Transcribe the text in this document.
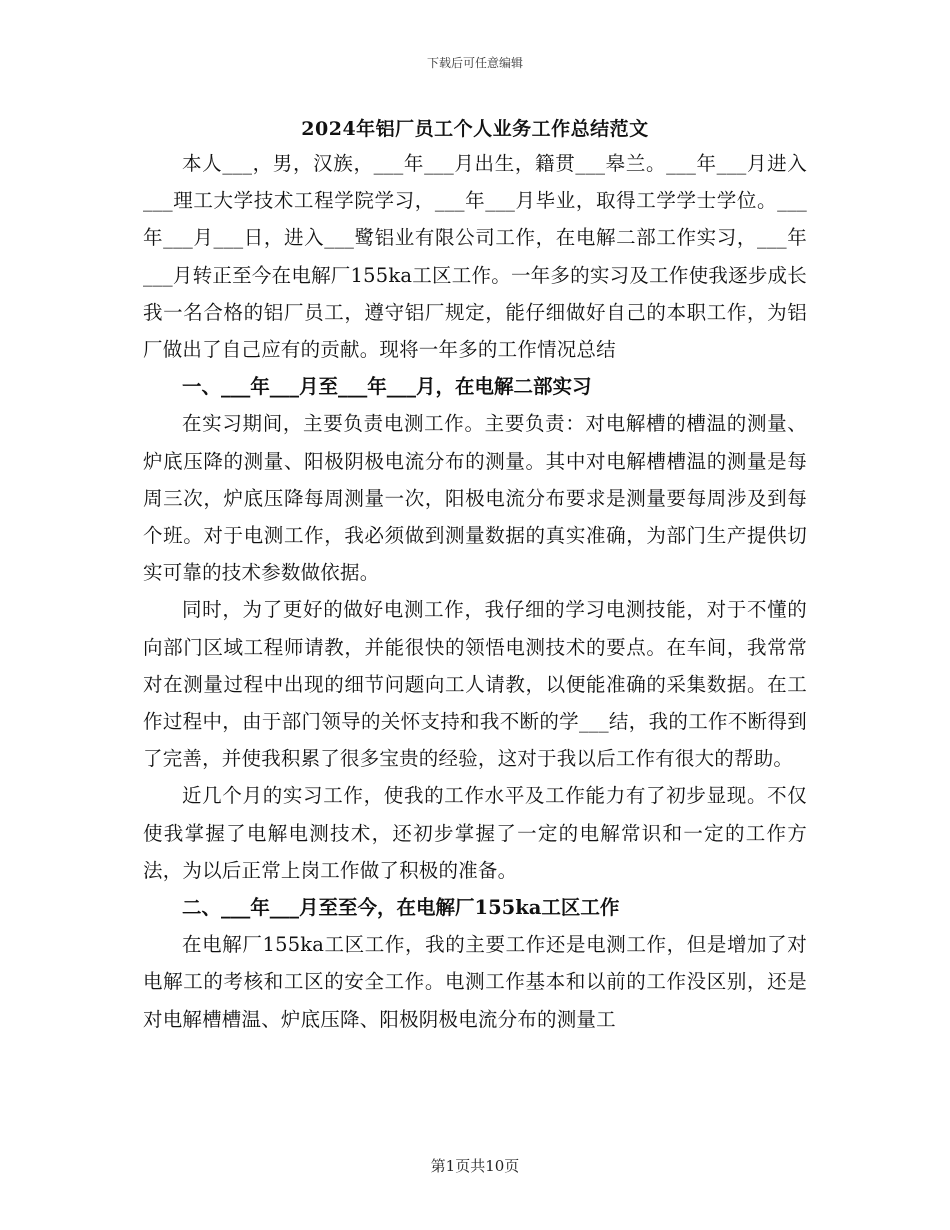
下载后可任意编辑
2024年铝厂员工个人业务工作总结范文

本人___，男，汉族，___年___月出生，籍贯___皋兰。___年___月进入___理工大学技术工程学院学习，___年___月毕业，取得工学学士学位。___年___月___日，进入___鹭铝业有限公司工作，在电解二部工作实习，___年___月转正至今在电解厂155ka工区工作。一年多的实习及工作使我逐步成长我一名合格的铝厂员工，遵守铝厂规定，能仔细做好自己的本职工作，为铝厂做出了自己应有的贡献。现将一年多的工作情况总结

一、___年___月至___年___月，在电解二部实习

在实习期间，主要负责电测工作。主要负责：对电解槽的槽温的测量、炉底压降的测量、阳极阴极电流分布的测量。其中对电解槽槽温的测量是每周三次，炉底压降每周测量一次，阳极电流分布要求是测量要每周涉及到每个班。对于电测工作，我必须做到测量数据的真实准确，为部门生产提供切实可靠的技术参数做依据。

同时，为了更好的做好电测工作，我仔细的学习电测技能，对于不懂的向部门区域工程师请教，并能很快的领悟电测技术的要点。在车间，我常常对在测量过程中出现的细节问题向工人请教，以便能准确的采集数据。在工作过程中，由于部门领导的关怀支持和我不断的学___结，我的工作不断得到了完善，并使我积累了很多宝贵的经验，这对于我以后工作有很大的帮助。

近几个月的实习工作，使我的工作水平及工作能力有了初步显现。不仅使我掌握了电解电测技术，还初步掌握了一定的电解常识和一定的工作方法，为以后正常上岗工作做了积极的准备。

二、___年___月至至今，在电解厂155ka工区工作

在电解厂155ka工区工作，我的主要工作还是电测工作，但是增加了对电解工的考核和工区的安全工作。电测工作基本和以前的工作没区别，还是对电解槽槽温、炉底压降、阳极阴极电流分布的测量工

第1页共10页
